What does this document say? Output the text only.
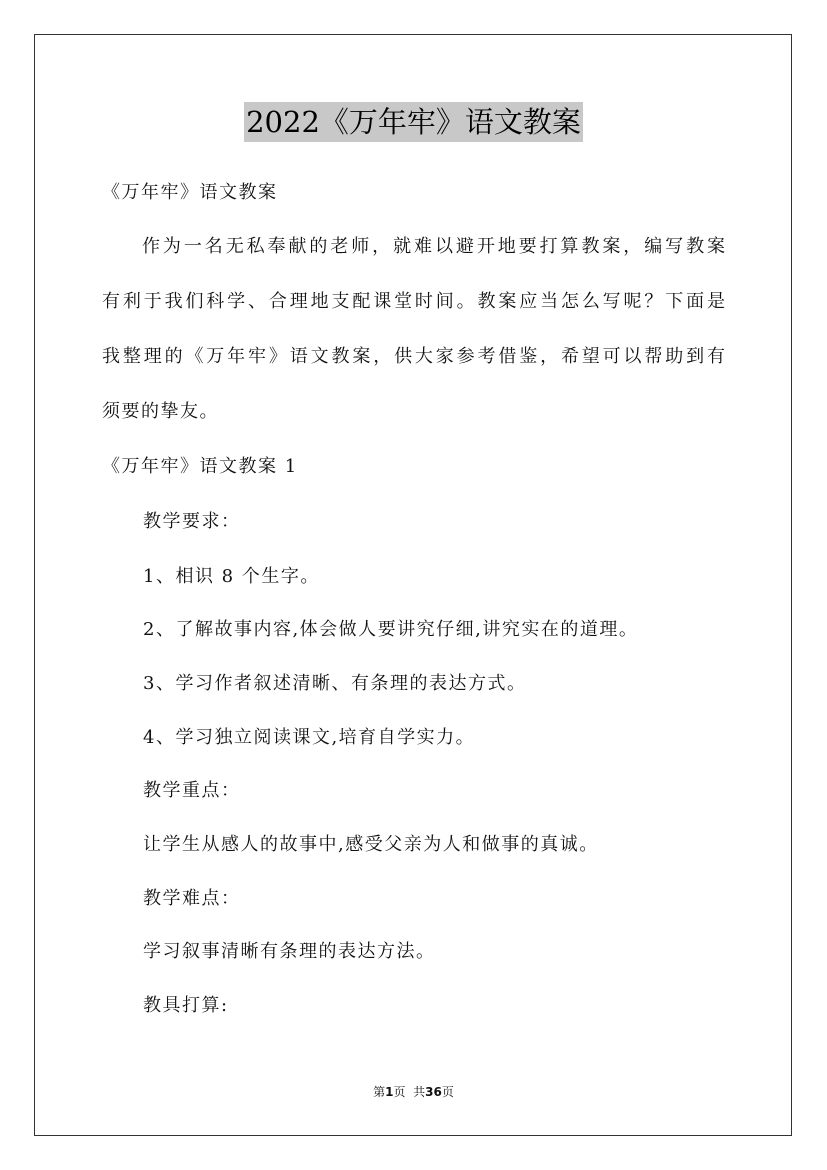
2022《万年牢》语文教案
《万年牢》语文教案
作为一名无私奉献的老师，就难以避开地要打算教案，编写教案
有利于我们科学、合理地支配课堂时间。教案应当怎么写呢？下面是
我整理的《万年牢》语文教案，供大家参考借鉴，希望可以帮助到有
须要的挚友。
《万年牢》语文教案 1
教学要求：
1、相识 8 个生字。
2、了解故事内容,体会做人要讲究仔细,讲究实在的道理。
3、学习作者叙述清晰、有条理的表达方式。
4、学习独立阅读课文,培育自学实力。
教学重点：
让学生从感人的故事中,感受父亲为人和做事的真诚。
教学难点：
学习叙事清晰有条理的表达方法。
教具打算:
第1页  共36页
